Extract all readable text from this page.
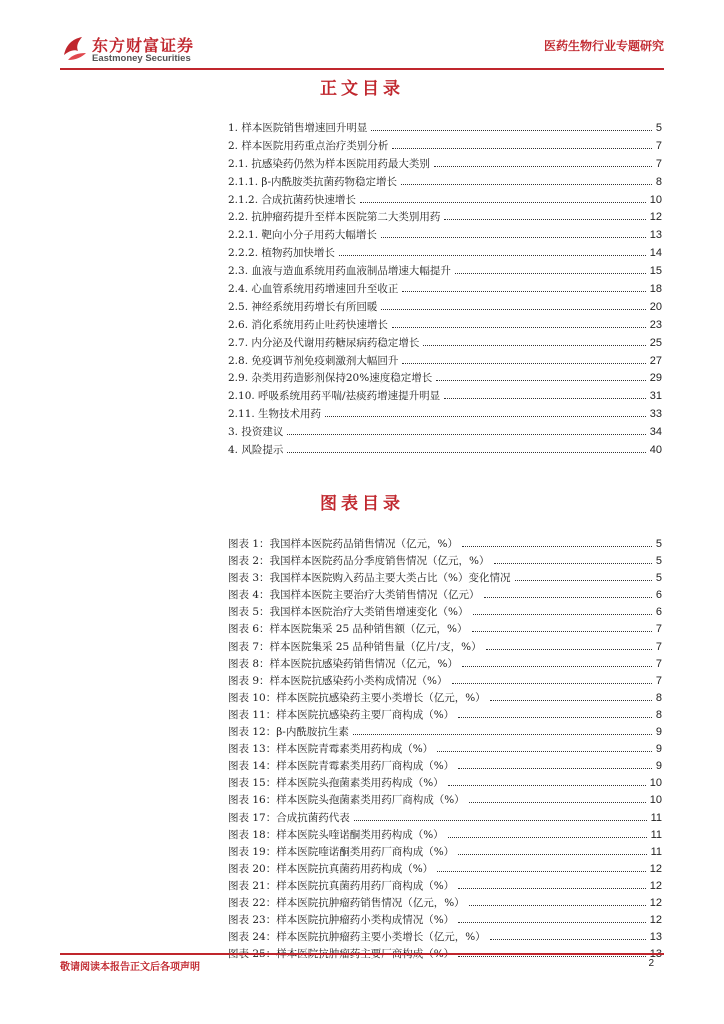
东方财富证券
Eastmoney Securities
医药生物行业专题研究
正文目录
1. 样本医院销售增速回升明显	5
2. 样本医院用药重点治疗类别分析	7
2.1. 抗感染药仍然为样本医院用药最大类别	7
2.1.1. β-内酰胺类抗菌药物稳定增长	8
2.1.2. 合成抗菌药快速增长	10
2.2. 抗肿瘤药提升至样本医院第二大类别用药	12
2.2.1. 靶向小分子用药大幅增长	13
2.2.2. 植物药加快增长	14
2.3. 血液与造血系统用药血液制品增速大幅提升	15
2.4. 心血管系统用药增速回升至收正	18
2.5. 神经系统用药增长有所回暖	20
2.6. 消化系统用药止吐药快速增长	23
2.7. 内分泌及代谢用药糖尿病药稳定增长	25
2.8. 免疫调节剂免疫刺激剂大幅回升	27
2.9. 杂类用药造影剂保持20%速度稳定增长	29
2.10. 呼吸系统用药平喘/祛痰药增速提升明显	31
2.11. 生物技术用药	33
3. 投资建议	34
4. 风险提示	40
图表目录
图表 1：我国样本医院药品销售情况（亿元，%）	5
图表 2：我国样本医院药品分季度销售情况（亿元，%）	5
图表 3：我国样本医院购入药品主要大类占比（%）变化情况	5
图表 4：我国样本医院主要治疗大类销售情况（亿元）	6
图表 5：我国样本医院治疗大类销售增速变化（%）	6
图表 6：样本医院集采 25 品种销售额（亿元，%）	7
图表 7：样本医院集采 25 品种销售量（亿片/支，%）	7
图表 8：样本医院抗感染药销售情况（亿元，%）	7
图表 9：样本医院抗感染药小类构成情况（%）	7
图表 10：样本医院抗感染药主要小类增长（亿元，%）	8
图表 11：样本医院抗感染药主要厂商构成（%）	8
图表 12：β-内酰胺抗生素	9
图表 13：样本医院青霉素类用药构成（%）	9
图表 14：样本医院青霉素类用药厂商构成（%）	9
图表 15：样本医院头孢菌素类用药构成（%）	10
图表 16：样本医院头孢菌素类用药厂商构成（%）	10
图表 17：合成抗菌药代表	11
图表 18：样本医院头喹诺酮类用药构成（%）	11
图表 19：样本医院喹诺酮类用药厂商构成（%）	11
图表 20：样本医院抗真菌药用药构成（%）	12
图表 21：样本医院抗真菌药用药厂商构成（%）	12
图表 22：样本医院抗肿瘤药销售情况（亿元，%）	12
图表 23：样本医院抗肿瘤药小类构成情况（%）	12
图表 24：样本医院抗肿瘤药主要小类增长（亿元，%）	13
敬请阅读本报告正文后各项声明	2
